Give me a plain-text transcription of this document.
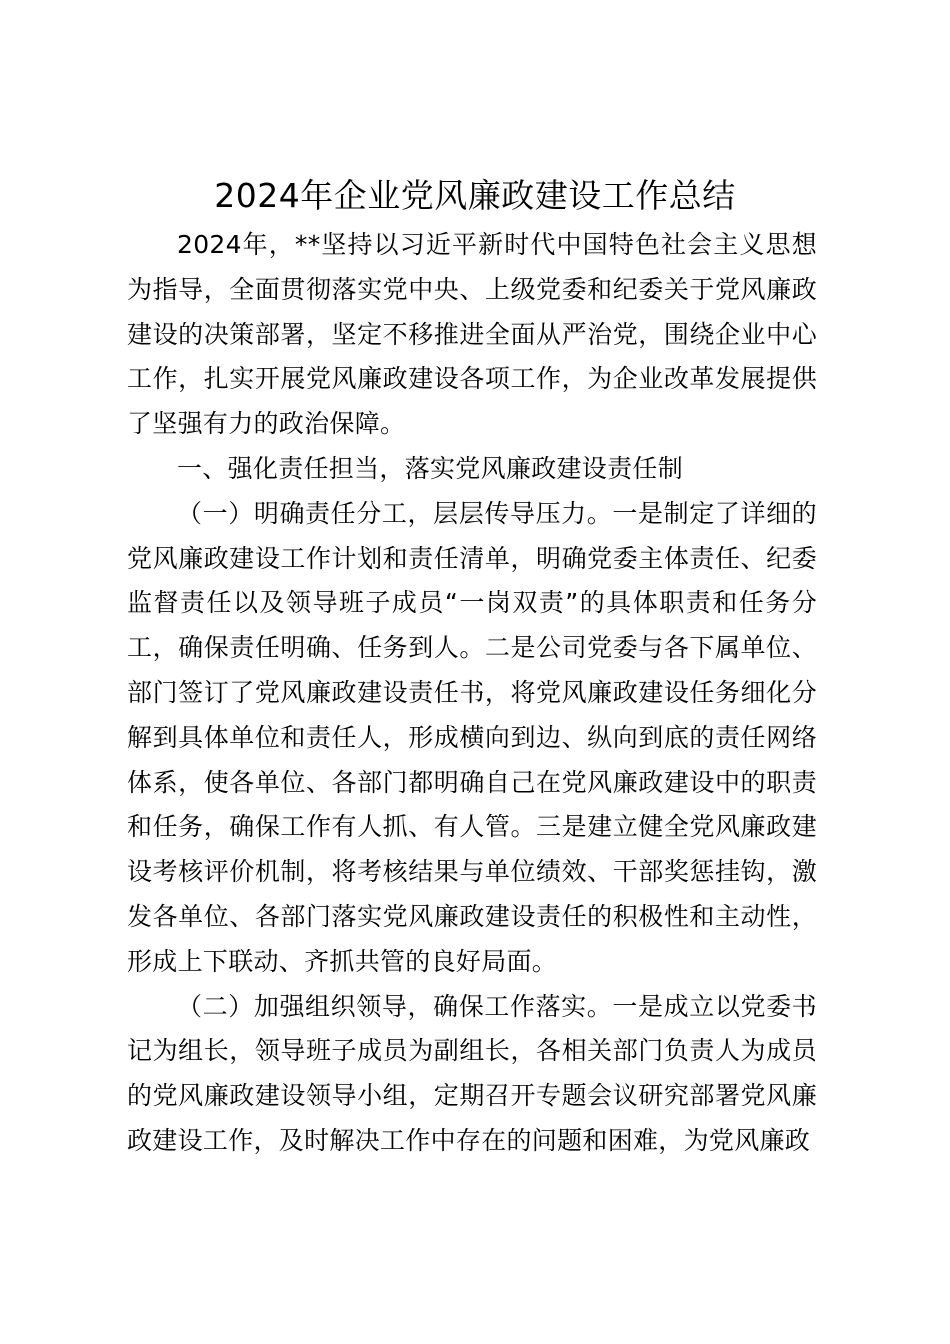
2024年企业党风廉政建设工作总结

2024年，**坚持以习近平新时代中国特色社会主义思想为指导，全面贯彻落实党中央、上级党委和纪委关于党风廉政建设的决策部署，坚定不移推进全面从严治党，围绕企业中心工作，扎实开展党风廉政建设各项工作，为企业改革发展提供了坚强有力的政治保障。

一、强化责任担当，落实党风廉政建设责任制

（一）明确责任分工，层层传导压力。一是制定了详细的党风廉政建设工作计划和责任清单，明确党委主体责任、纪委监督责任以及领导班子成员“一岗双责”的具体职责和任务分工，确保责任明确、任务到人。二是公司党委与各下属单位、部门签订了党风廉政建设责任书，将党风廉政建设任务细化分解到具体单位和责任人，形成横向到边、纵向到底的责任网络体系，使各单位、各部门都明确自己在党风廉政建设中的职责和任务，确保工作有人抓、有人管。三是建立健全党风廉政建设考核评价机制，将考核结果与单位绩效、干部奖惩挂钩，激发各单位、各部门落实党风廉政建设责任的积极性和主动性，形成上下联动、齐抓共管的良好局面。

（二）加强组织领导，确保工作落实。一是成立以党委书记为组长，领导班子成员为副组长，各相关部门负责人为成员的党风廉政建设领导小组，定期召开专题会议研究部署党风廉政建设工作，及时解决工作中存在的问题和困难，为党风廉政
